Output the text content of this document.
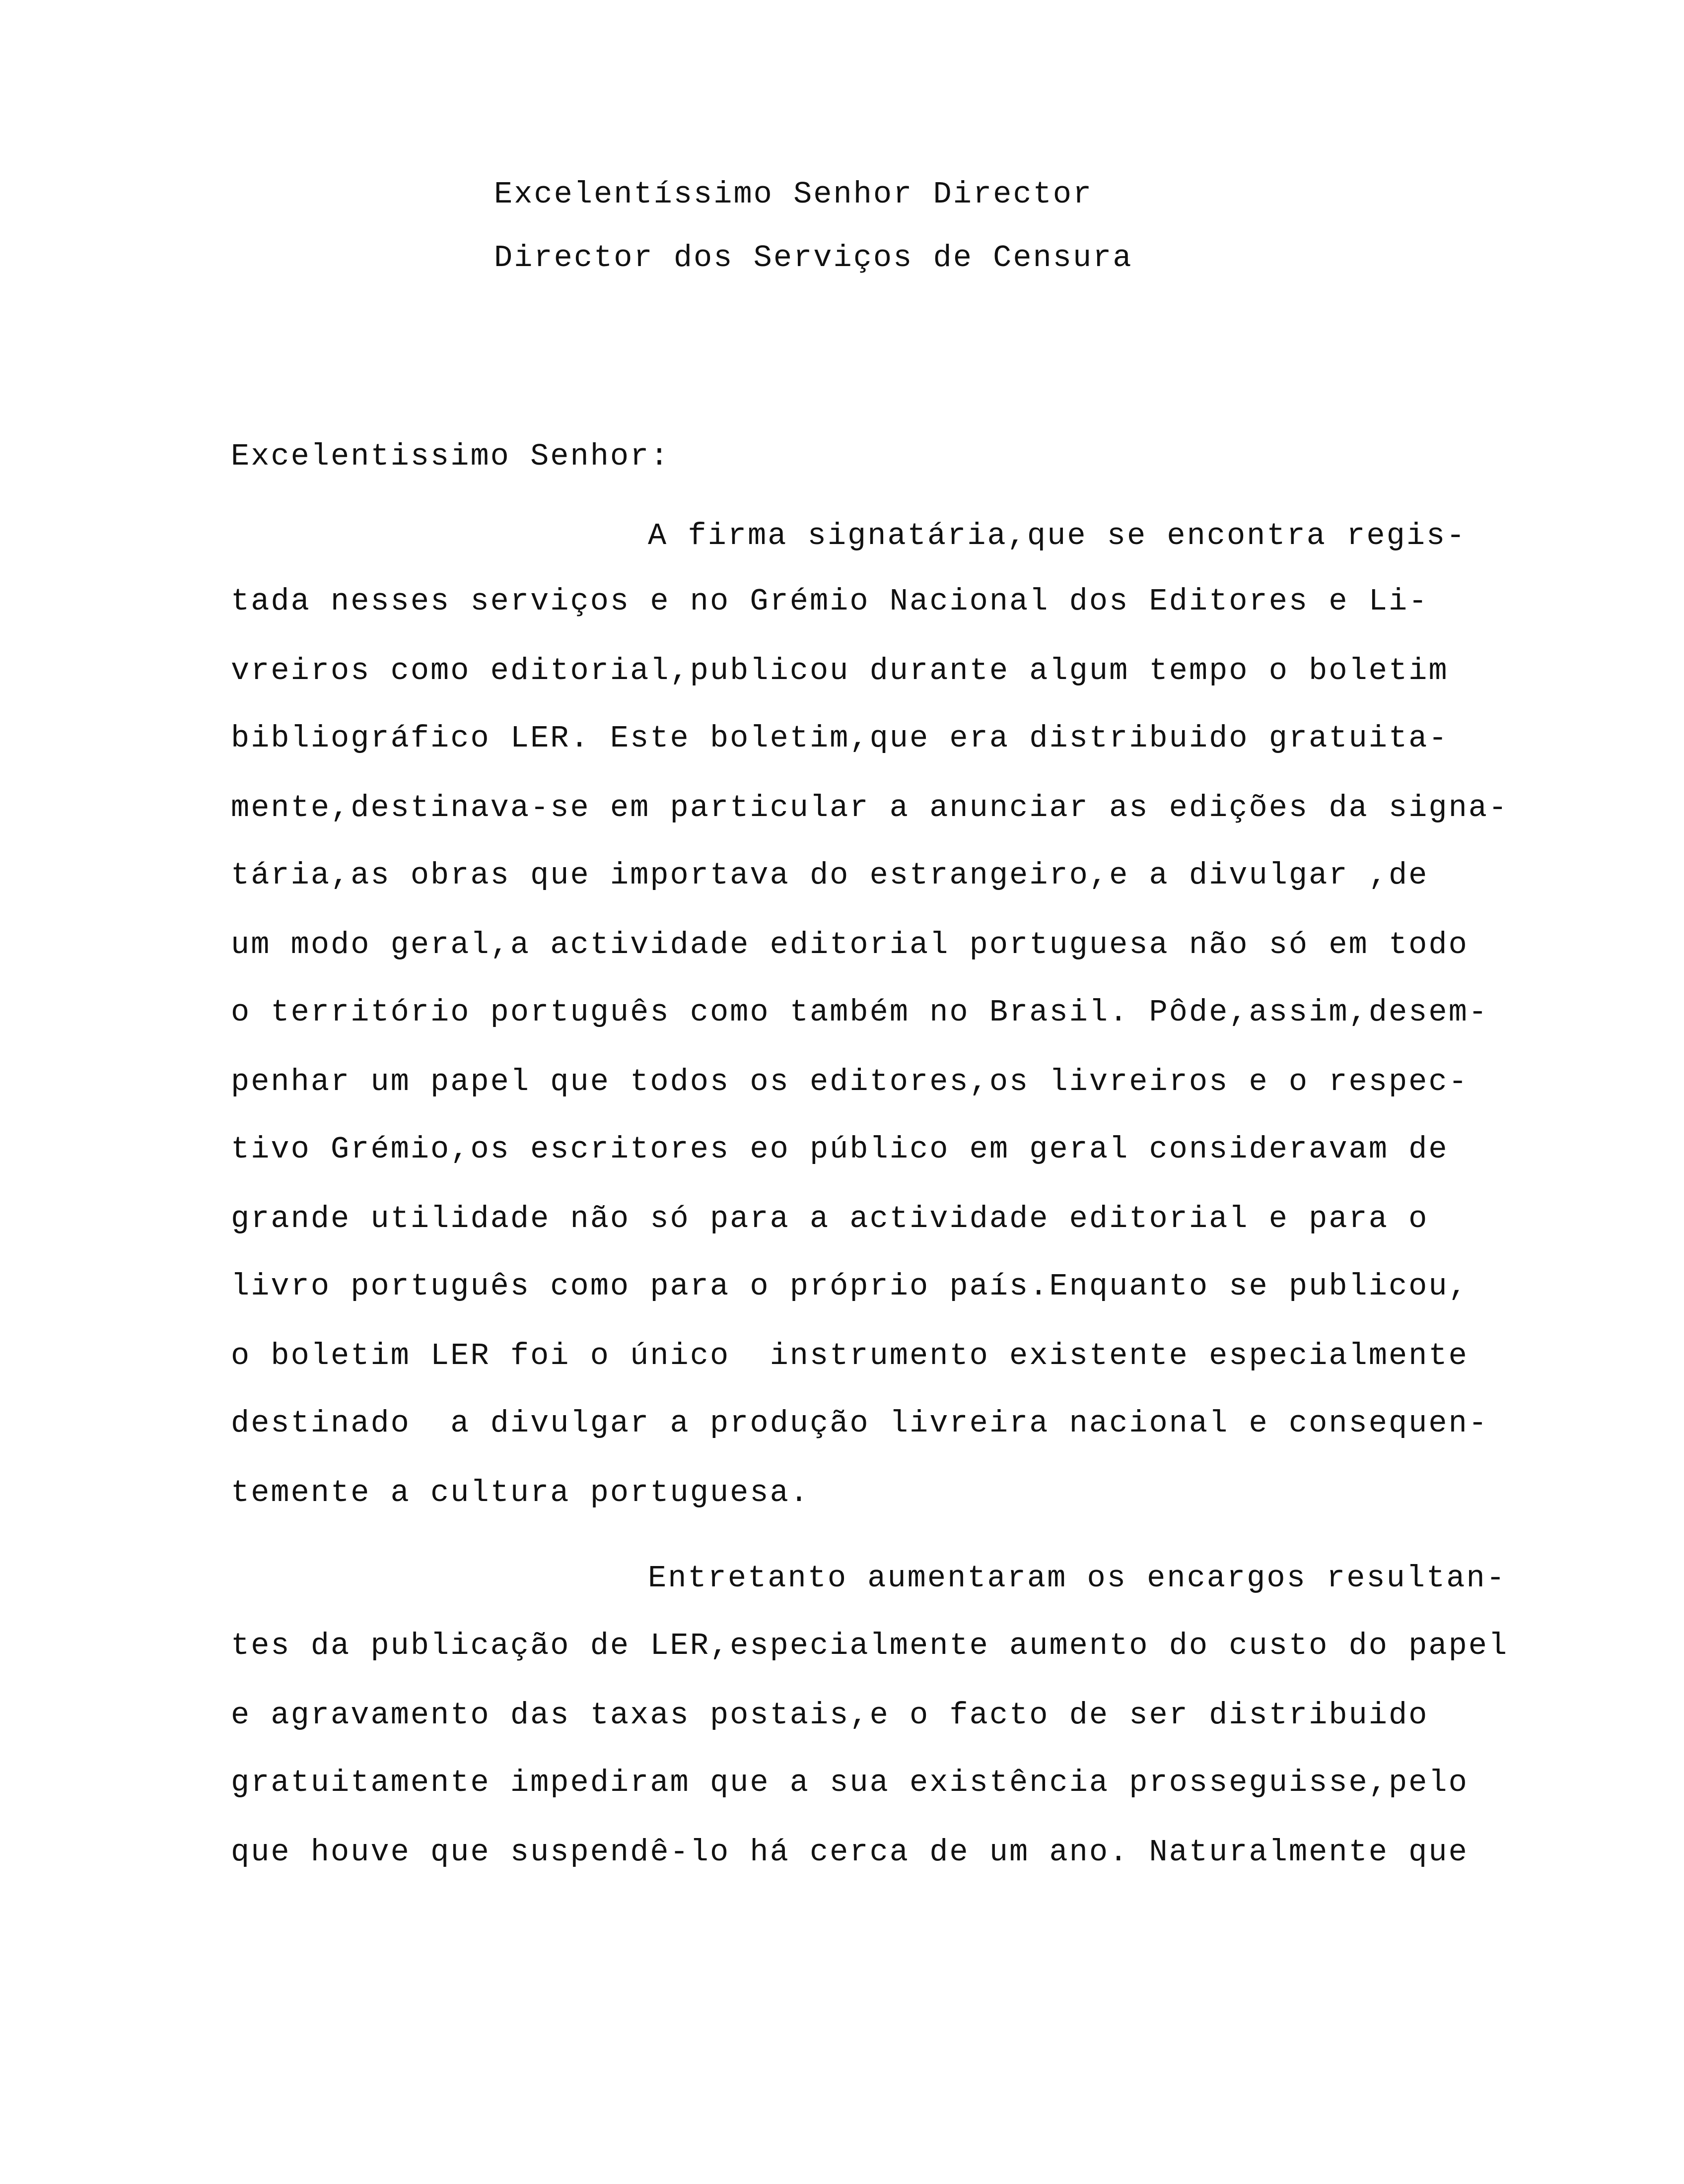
Excelentíssimo Senhor Director
Director dos Serviços de Censura
Excelentissimo Senhor:
A firma signatária,que se encontra regis-
tada nesses serviços e no Grémio Nacional dos Editores e Li-
vreiros como editorial,publicou durante algum tempo o boletim
bibliográfico LER. Este boletim,que era distribuido gratuita-
mente,destinava-se em particular a anunciar as edições da signa-
tária,as obras que importava do estrangeiro,e a divulgar ,de
um modo geral,a actividade editorial portuguesa não só em todo
o território português como também no Brasil. Pôde,assim,desem-
penhar um papel que todos os editores,os livreiros e o respec-
tivo Grémio,os escritores eo público em geral consideravam de
grande utilidade não só para a actividade editorial e para o
livro português como para o próprio país.Enquanto se publicou,
o boletim LER foi o único  instrumento existente especialmente
destinado  a divulgar a produção livreira nacional e consequen-
temente a cultura portuguesa.
Entretanto aumentaram os encargos resultan-
tes da publicação de LER,especialmente aumento do custo do papel
e agravamento das taxas postais,e o facto de ser distribuido
gratuitamente impediram que a sua existência prosseguisse,pelo
que houve que suspendê-lo há cerca de um ano. Naturalmente que
